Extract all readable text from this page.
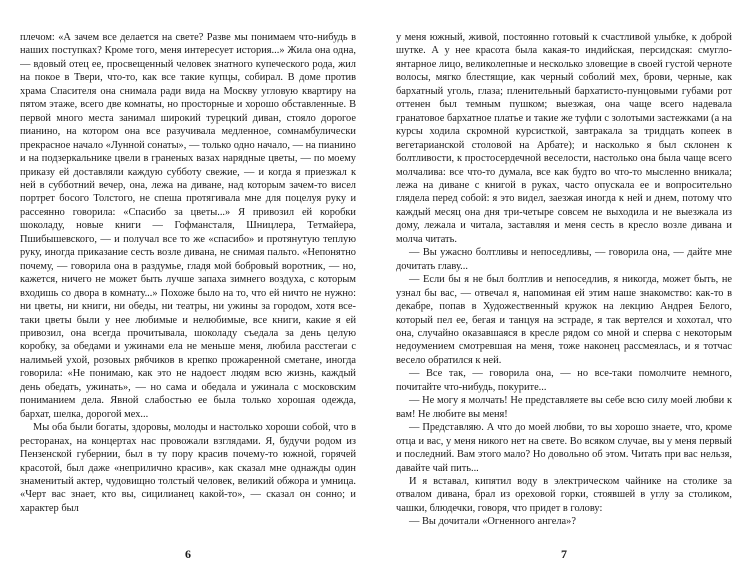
плечом: «А зачем все делается на свете? Разве мы понимаем что-нибудь в наших поступках? Кроме того, меня интересует история...» Жила она одна, — вдовый отец ее, просвещенный человек знатного купеческого рода, жил на покое в Твери, что-то, как все такие купцы, собирал. В доме против храма Спасителя она снимала ради вида на Москву угловую квартиру на пятом этаже, всего две комнаты, но просторные и хорошо обставленные. В первой много места занимал широкий турецкий диван, стояло дорогое пианино, на котором она все разучивала медленное, сомнамбулически прекрасное начало «Лунной сонаты», — только одно начало, — на пианино и на подзеркальнике цвели в граненых вазах нарядные цветы, — по моему приказу ей доставляли каждую субботу свежие, — и когда я приезжал к ней в субботний вечер, она, лежа на диване, над которым зачем-то висел портрет босого Толстого, не спеша протягивала мне для поцелуя руку и рассеянно говорила: «Спасибо за цветы...» Я привозил ей коробки шоколаду, новые книги — Гофмансталя, Шницлера, Тетмайера, Пшибышевского, — и получал все то же «спасибо» и протянутую теплую руку, иногда приказание сесть возле дивана, не снимая пальто. «Непонятно почему, — говорила она в раздумье, гладя мой бобровый воротник, — но, кажется, ничего не может быть лучше запаха зимнего воздуха, с которым входишь со двора в комнату...» Похоже было на то, что ей ничто не нужно: ни цветы, ни книги, ни обеды, ни театры, ни ужины за городом, хотя все-таки цветы были у нее любимые и нелюбимые, все книги, какие я ей привозил, она всегда прочитывала, шоколаду съедала за день целую коробку, за обедами и ужинами ела не меньше меня, любила расстегаи с налимьей ухой, розовых рябчиков в крепко прожаренной сметане, иногда говорила: «Не понимаю, как это не надоест людям всю жизнь, каждый день обедать, ужинать», — но сама и обедала и ужинала с московским пониманием дела. Явной слабостью ее была только хорошая одежда, бархат, шелка, дорогой мех...

Мы оба были богаты, здоровы, молоды и настолько хороши собой, что в ресторанах, на концертах нас провожали взглядами. Я, будучи родом из Пензенской губернии, был в ту пору красив почему-то южной, горячей красотой, был даже «неприлично красив», как сказал мне однажды один знаменитый актер, чудовищно толстый человек, великий обжора и умница. «Черт вас знает, кто вы, сицилианец какой-то», — сказал он сонно; и характер был

6

у меня южный, живой, постоянно готовый к счастливой улыбке, к доброй шутке. А у нее красота была какая-то индийская, персидская: смугло-янтарное лицо, великолепные и несколько зловещие в своей густой черноте волосы, мягко блестящие, как черный соболий мех, брови, черные, как бархатный уголь, глаза; пленительный бархатисто-пунцовыми губами рот оттенен был темным пушком; выезжая, она чаще всего надевала гранатовое бархатное платье и такие же туфли с золотыми застежками (а на курсы ходила скромной курсисткой, завтракала за тридцать копеек в вегетарианской столовой на Арбате); и насколько я был склонен к болтливости, к простосердечной веселости, настолько она была чаще всего молчалива: все что-то думала, все как будто во что-то мысленно вникала; лежа на диване с книгой в руках, часто опускала ее и вопросительно глядела перед собой: я это видел, заезжая иногда к ней и днем, потому что каждый месяц она дня три-четыре совсем не выходила и не выезжала из дому, лежала и читала, заставляя и меня сесть в кресло возле дивана и молча читать.

— Вы ужасно болтливы и непоседливы, — говорила она, — дайте мне дочитать главу...

— Если бы я не был болтлив и непоседлив, я никогда, может быть, не узнал бы вас, — отвечал я, напоминая ей этим наше знакомство: как-то в декабре, попав в Художественный кружок на лекцию Андрея Белого, который пел ее, бегая и танцуя на эстраде, я так вертелся и хохотал, что она, случайно оказавшаяся в кресле рядом со мной и сперва с некоторым недоумением смотревшая на меня, тоже наконец рассмеялась, и я тотчас весело обратился к ней.

— Все так, — говорила она, — но все-таки помолчите немного, почитайте что-нибудь, покурите...

— Не могу я молчать! Не представляете вы себе всю силу моей любви к вам! Не любите вы меня!

— Представляю. А что до моей любви, то вы хорошо знаете, что, кроме отца и вас, у меня никого нет на свете. Во всяком случае, вы у меня первый и последний. Вам этого мало? Но довольно об этом. Читать при вас нельзя, давайте чай пить...

И я вставал, кипятил воду в электрическом чайнике на столике за отвалом дивана, брал из ореховой горки, стоявшей в углу за столиком, чашки, блюдечки, говоря, что придет в голову:

— Вы дочитали «Огненного ангела»?

7
